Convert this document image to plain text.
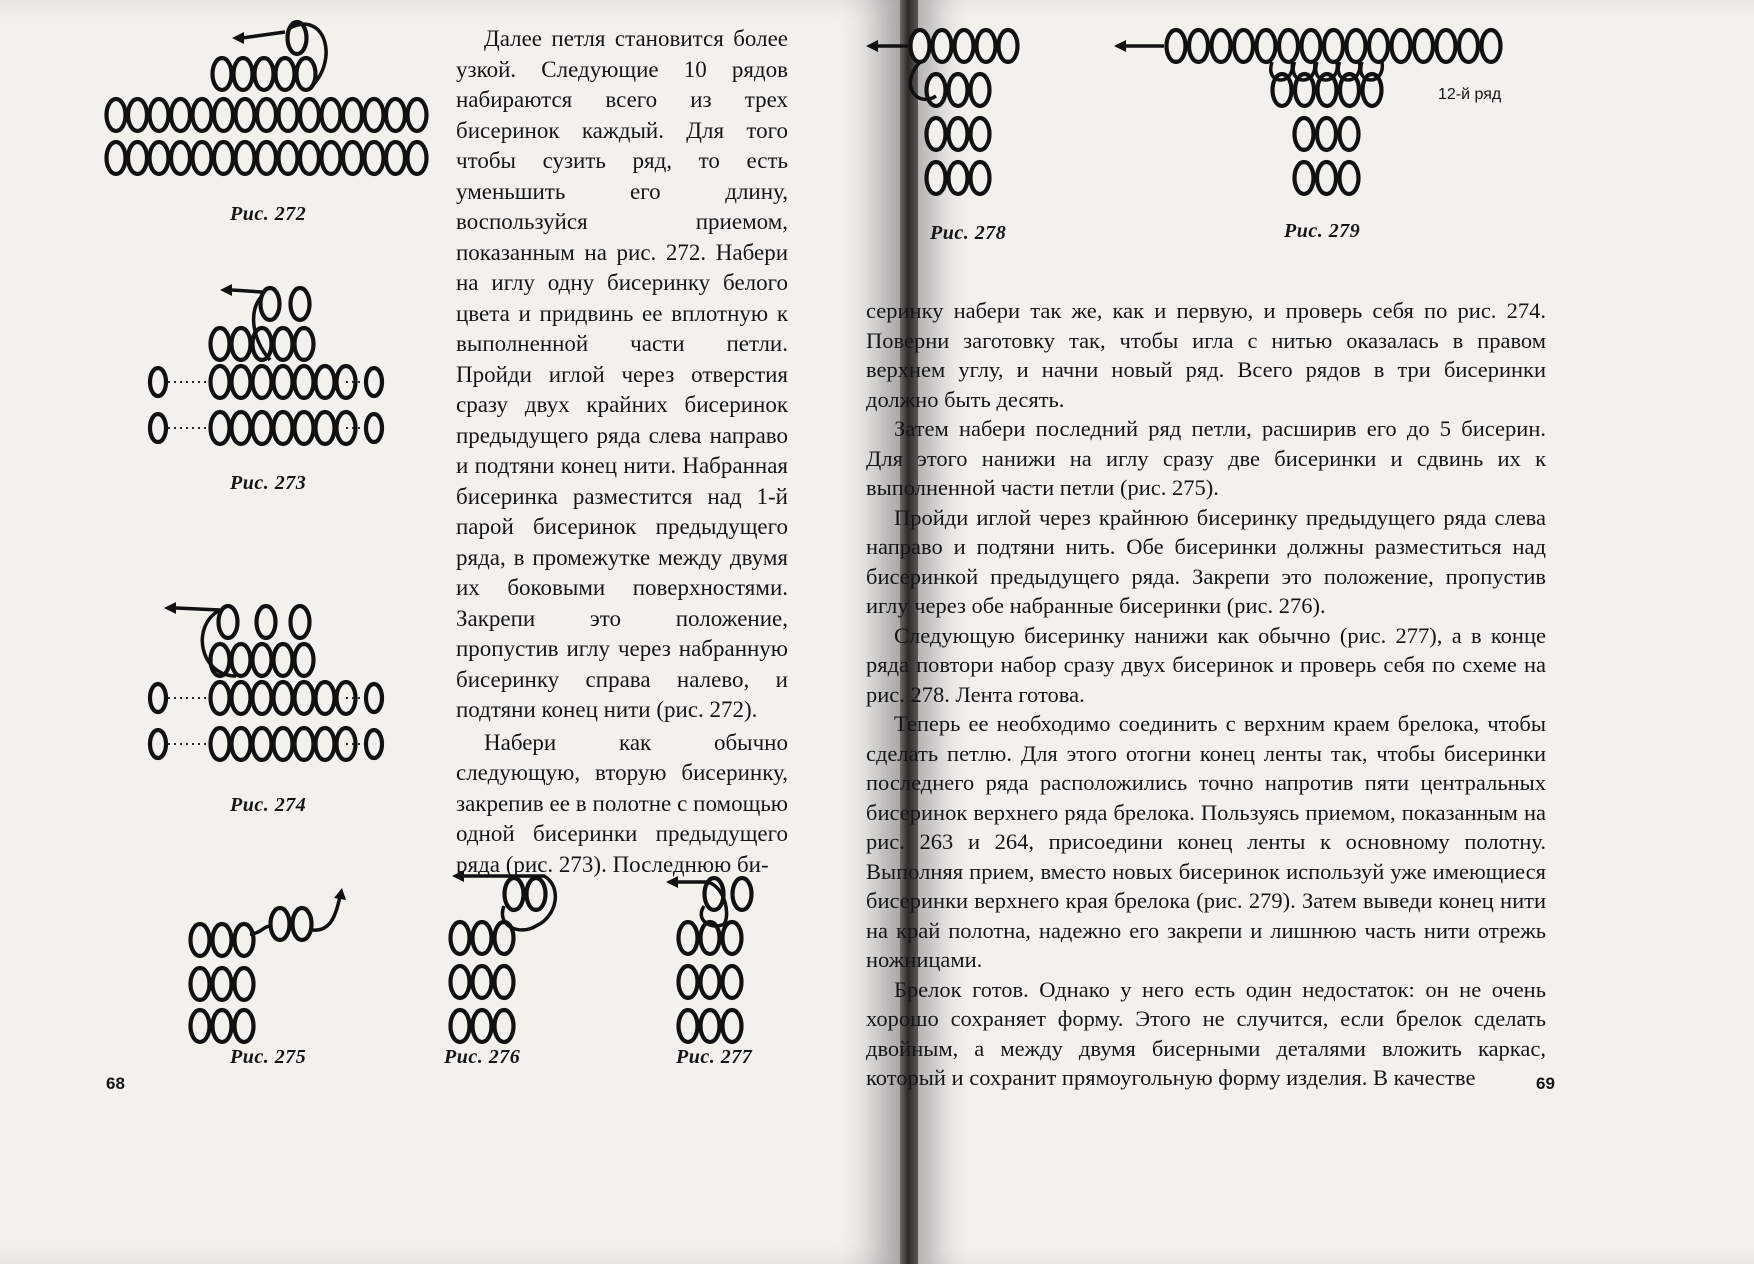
Рис. 272
Рис. 273
Рис. 274
Рис. 275	Рис. 276	Рис. 277

Далее петля становится более узкой. Следующие 10 рядов набираются всего из трех бисеринок каждый. Для того чтобы сузить ряд, то есть уменьшить его длину, воспользуйся приемом, показанным на рис. 272. Набери на иглу одну бисеринку белого цвета и придвинь ее вплотную к выполненной части петли. Пройди иглой через отверстия сразу двух крайних бисеринок предыдущего ряда слева направо и подтяни конец нити. Набранная бисеринка разместится над 1-й парой бисеринок предыдущего ряда, в промежутке между двумя их боковыми поверхностями. Закрепи это положение, пропустив иглу через набранную бисеринку справа налево, и подтяни конец нити (рис. 272).

Набери как обычно следующую, вторую бисеринку, закрепив ее в полотне с помощью одной бисеринки предыдущего ряда (рис. 273). Последнюю би-

68
12-й ряд
Рис. 278	Рис. 279

серинку набери так же, как и первую, и проверь себя по рис. 274. Поверни заготовку так, чтобы игла с нитью оказалась в правом верхнем углу, и начни новый ряд. Всего рядов в три бисеринки должно быть десять.

Затем набери последний ряд петли, расширив его до 5 бисерин. Для этого нанижи на иглу сразу две бисеринки и сдвинь их к выполненной части петли (рис. 275).

Пройди иглой через крайнюю бисеринку предыдущего ряда слева направо и подтяни нить. Обе бисеринки должны разместиться над бисеринкой предыдущего ряда. Закрепи это положение, пропустив иглу через обе набранные бисеринки (рис. 276).

Следующую бисеринку нанижи как обычно (рис. 277), а в конце ряда повтори набор сразу двух бисеринок и проверь себя по схеме на рис. 278. Лента готова.

Теперь ее необходимо соединить с верхним краем брелока, чтобы сделать петлю. Для этого отогни конец ленты так, чтобы бисеринки последнего ряда расположились точно напротив пяти центральных бисеринок верхнего ряда брелока. Пользуясь приемом, показанным на рис. 263 и 264, присоедини конец ленты к основному полотну. Выполняя прием, вместо новых бисеринок используй уже имеющиеся бисеринки верхнего края брелока (рис. 279). Затем выведи конец нити на край полотна, надежно его закрепи и лишнюю часть нити отрежь ножницами.

Брелок готов. Однако у него есть один недостаток: он не очень хорошо сохраняет форму. Этого не случится, если брелок сделать двойным, а между двумя бисерными деталями вложить каркас, который и сохранит прямоугольную форму изделия. В качестве	69
